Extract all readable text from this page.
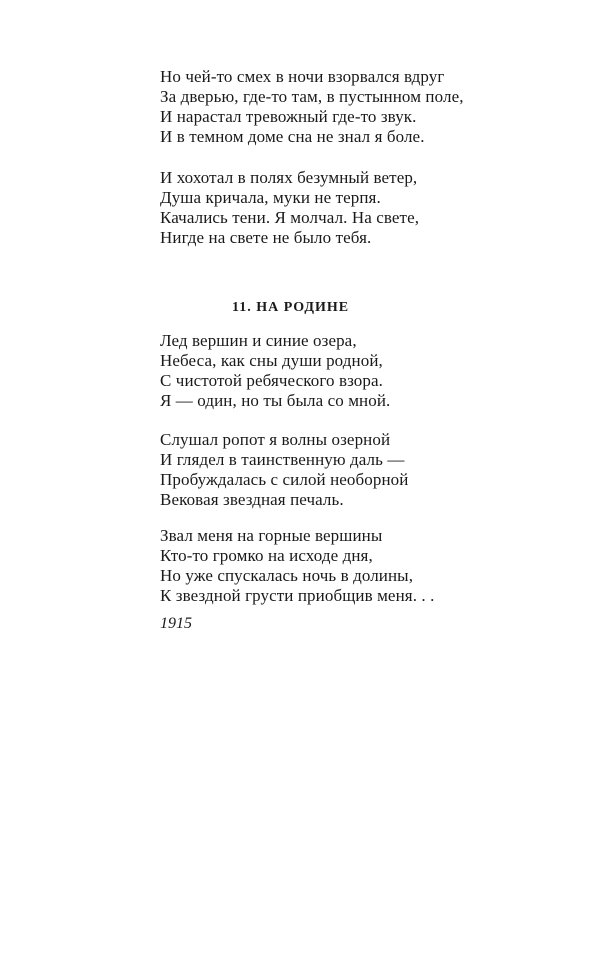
Но чей-то смех в ночи взорвался вдруг
За дверью, где-то там, в пустынном поле,
И нарастал тревожный где-то звук.
И в темном доме сна не знал я боле.
И хохотал в полях безумный ветер,
Душа кричала, муки не терпя.
Качались тени. Я молчал. На свете,
Нигде на свете не было тебя.
11. НА РОДИНЕ
Лед вершин и синие озера,
Небеса, как сны души родной,
С чистотой ребяческого взора.
Я — один, но ты была со мной.
Слушал ропот я волны озерной
И глядел в таинственную даль —
Пробуждалась с силой необорной
Вековая звездная печаль.
Звал меня на горные вершины
Кто-то громко на исходе дня,
Но уже спускалась ночь в долины,
К звездной грусти приобщив меня. . .
1915
